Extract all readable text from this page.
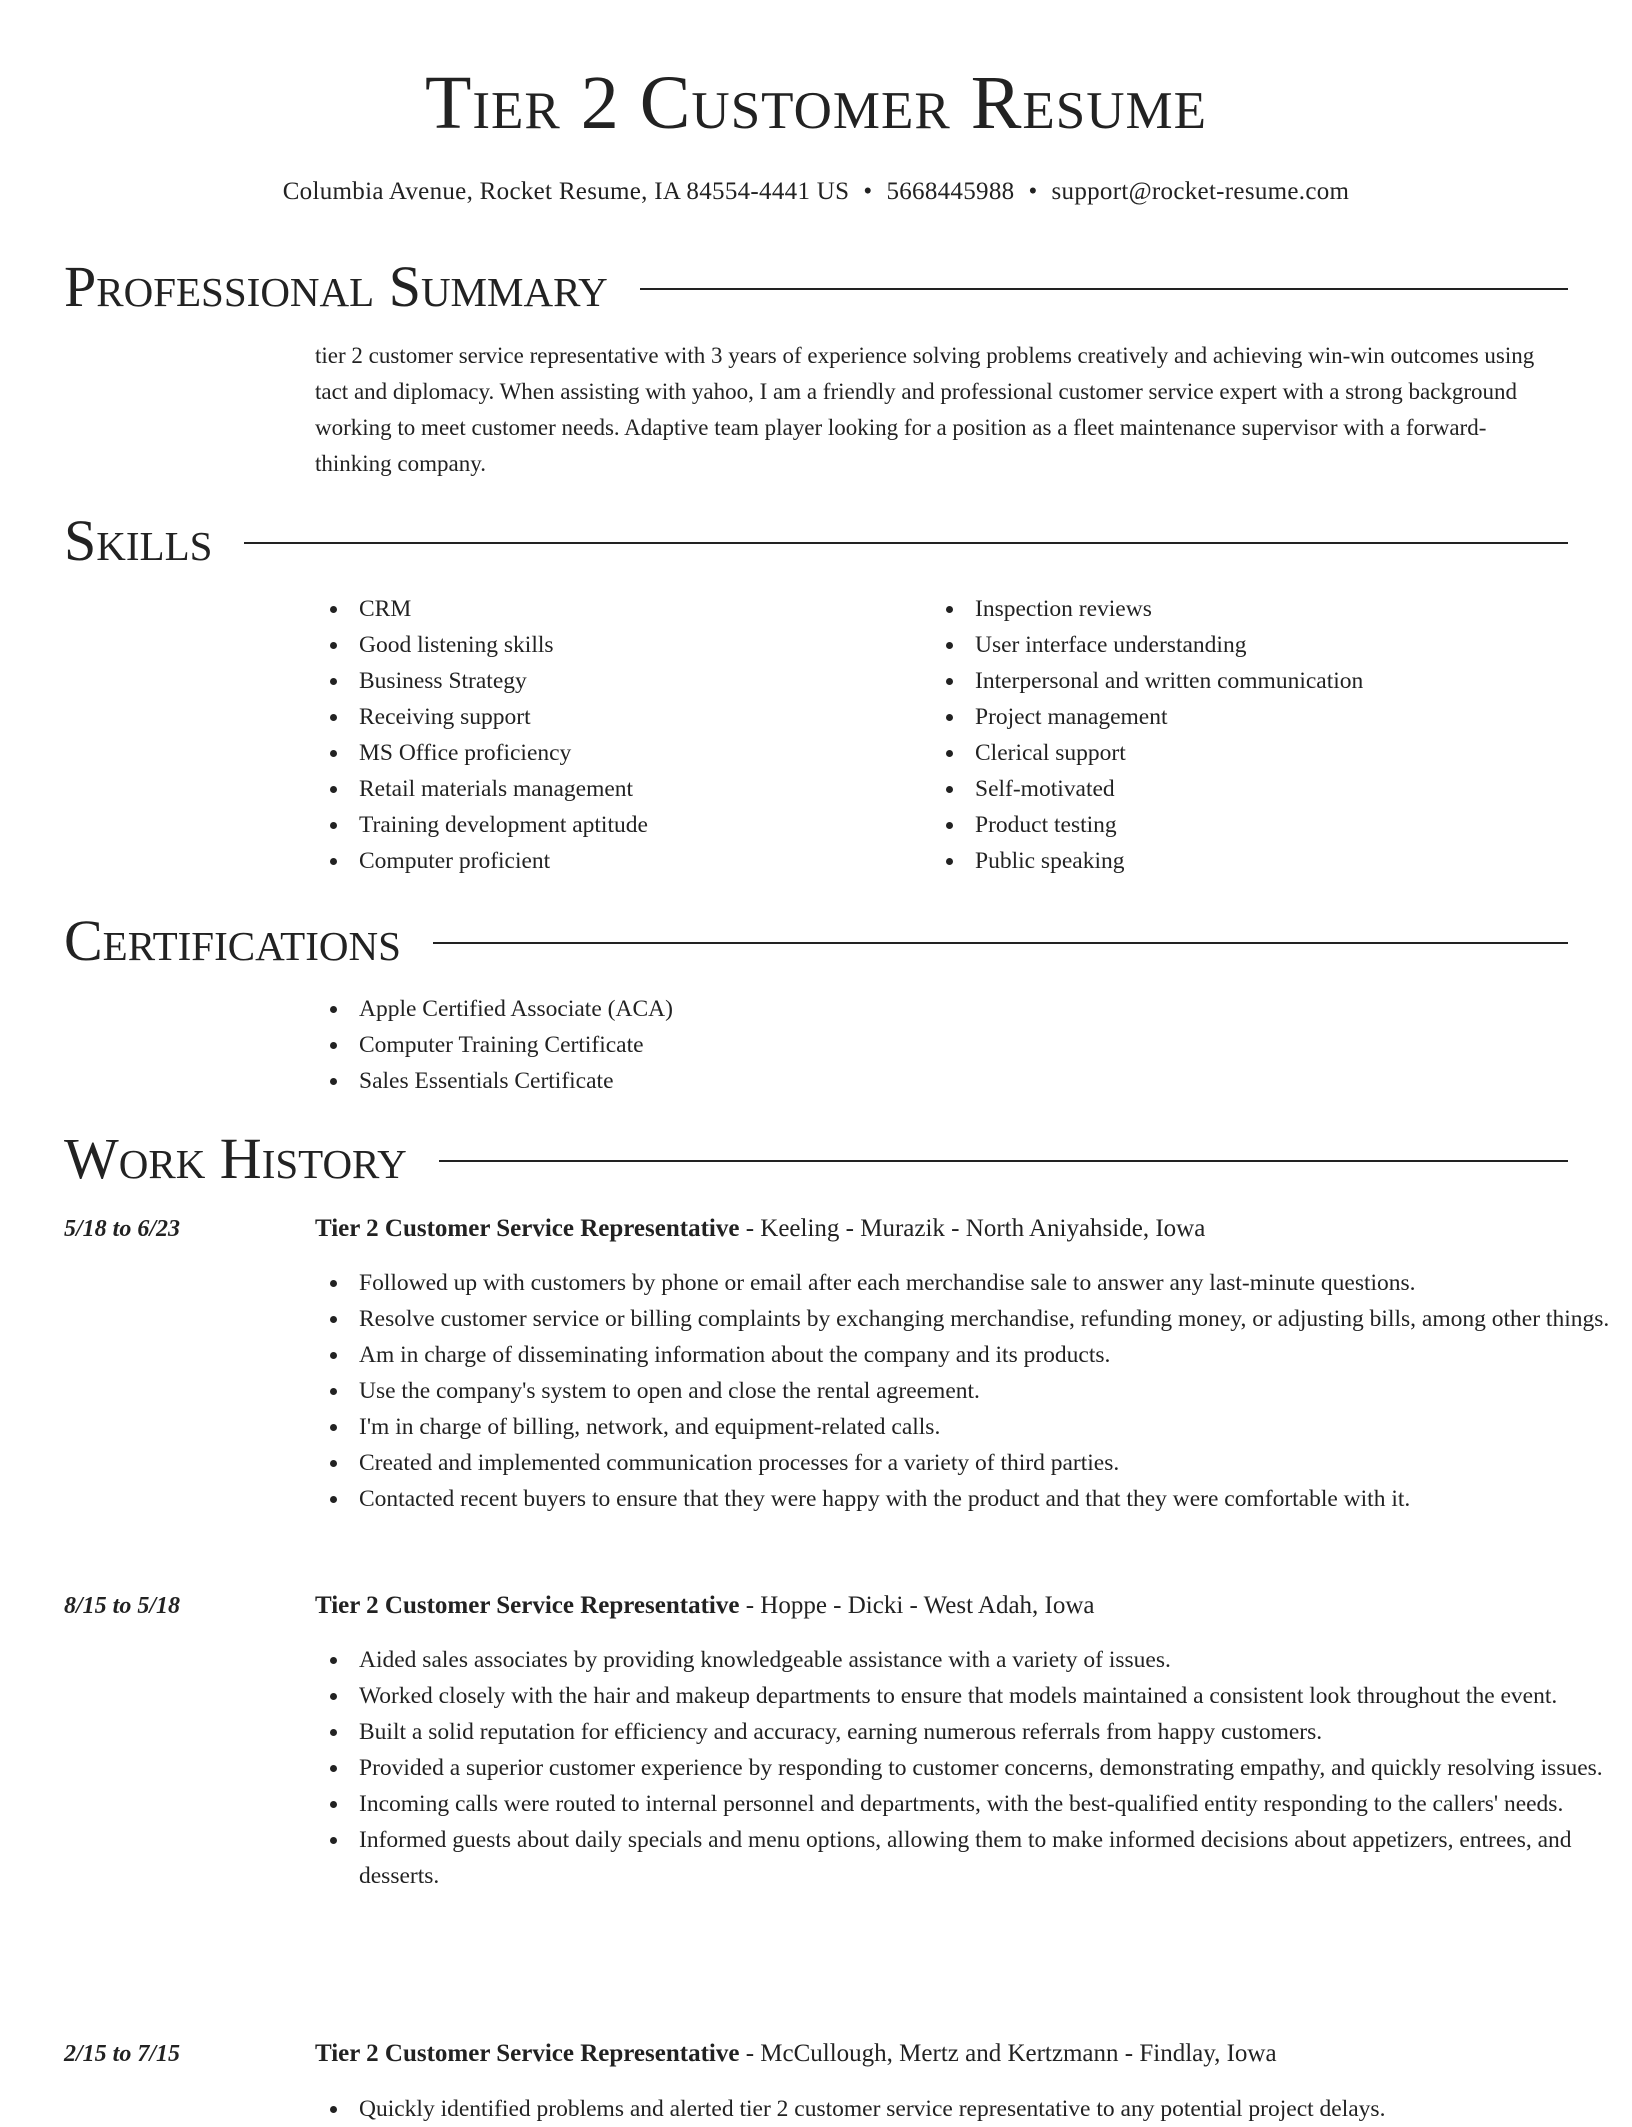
Tier 2 Customer Resume
Columbia Avenue, Rocket Resume, IA 84554-4441 US • 5668445988 • support@rocket-resume.com
Professional Summary

tier 2 customer service representative with 3 years of experience solving problems creatively and achieving win-win outcomes using tact and diplomacy. When assisting with yahoo, I am a friendly and professional customer service expert with a strong background working to meet customer needs. Adaptive team player looking for a position as a fleet maintenance supervisor with a forward-thinking company.

Skills
CRM
Good listening skills
Business Strategy
Receiving support
MS Office proficiency
Retail materials management
Training development aptitude
Computer proficient
Inspection reviews
User interface understanding
Interpersonal and written communication
Project management
Clerical support
Self-motivated
Product testing
Public speaking
Certifications
Apple Certified Associate (ACA)
Computer Training Certificate
Sales Essentials Certificate
Work History
5/18 to 6/23	Tier 2 Customer Service Representative - Keeling - Murazik - North Aniyahside, Iowa
Followed up with customers by phone or email after each merchandise sale to answer any last-minute questions.
Resolve customer service or billing complaints by exchanging merchandise, refunding money, or adjusting bills, among other things.
Am in charge of disseminating information about the company and its products.
Use the company's system to open and close the rental agreement.
I'm in charge of billing, network, and equipment-related calls.
Created and implemented communication processes for a variety of third parties.
Contacted recent buyers to ensure that they were happy with the product and that they were comfortable with it.
8/15 to 5/18	Tier 2 Customer Service Representative - Hoppe - Dicki - West Adah, Iowa
Aided sales associates by providing knowledgeable assistance with a variety of issues.
Worked closely with the hair and makeup departments to ensure that models maintained a consistent look throughout the event.
Built a solid reputation for efficiency and accuracy, earning numerous referrals from happy customers.
Provided a superior customer experience by responding to customer concerns, demonstrating empathy, and quickly resolving issues.
Incoming calls were routed to internal personnel and departments, with the best-qualified entity responding to the callers' needs.
Informed guests about daily specials and menu options, allowing them to make informed decisions about appetizers, entrees, and desserts.
2/15 to 7/15	Tier 2 Customer Service Representative - McCullough, Mertz and Kertzmann - Findlay, Iowa
Quickly identified problems and alerted tier 2 customer service representative to any potential project delays.
